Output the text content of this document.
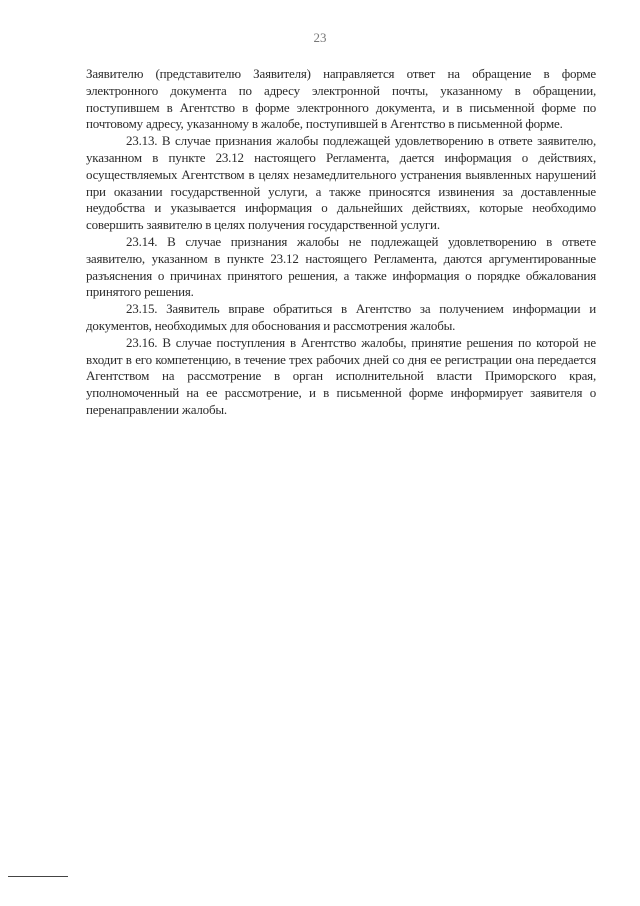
23

Заявителю (представителю Заявителя) направляется ответ на обращение в форме электронного документа по адресу электронной почты, указанному в обращении, поступившем в Агентство в форме электронного документа, и в письменной форме по почтовому адресу, указанному в жалобе, поступившей в Агентство в письменной форме.

23.13. В случае признания жалобы подлежащей удовлетворению в ответе заявителю, указанном в пункте 23.12 настоящего Регламента, дается информация о действиях, осуществляемых Агентством в целях незамедлительного устранения выявленных нарушений при оказании государственной услуги, а также приносятся извинения за доставленные неудобства и указывается информация о дальнейших действиях, которые необходимо совершить заявителю в целях получения государственной услуги.

23.14. В случае признания жалобы не подлежащей удовлетворению в ответе заявителю, указанном в пункте 23.12 настоящего Регламента, даются аргументированные разъяснения о причинах принятого решения, а также информация о порядке обжалования принятого решения.

23.15. Заявитель вправе обратиться в Агентство за получением информации и документов, необходимых для обоснования и рассмотрения жалобы.

23.16. В случае поступления в Агентство жалобы, принятие решения по которой не входит в его компетенцию, в течение трех рабочих дней со дня ее регистрации она передается Агентством на рассмотрение в орган исполнительной власти Приморского края, уполномоченный на ее рассмотрение, и в письменной форме информирует заявителя о перенаправлении жалобы.
